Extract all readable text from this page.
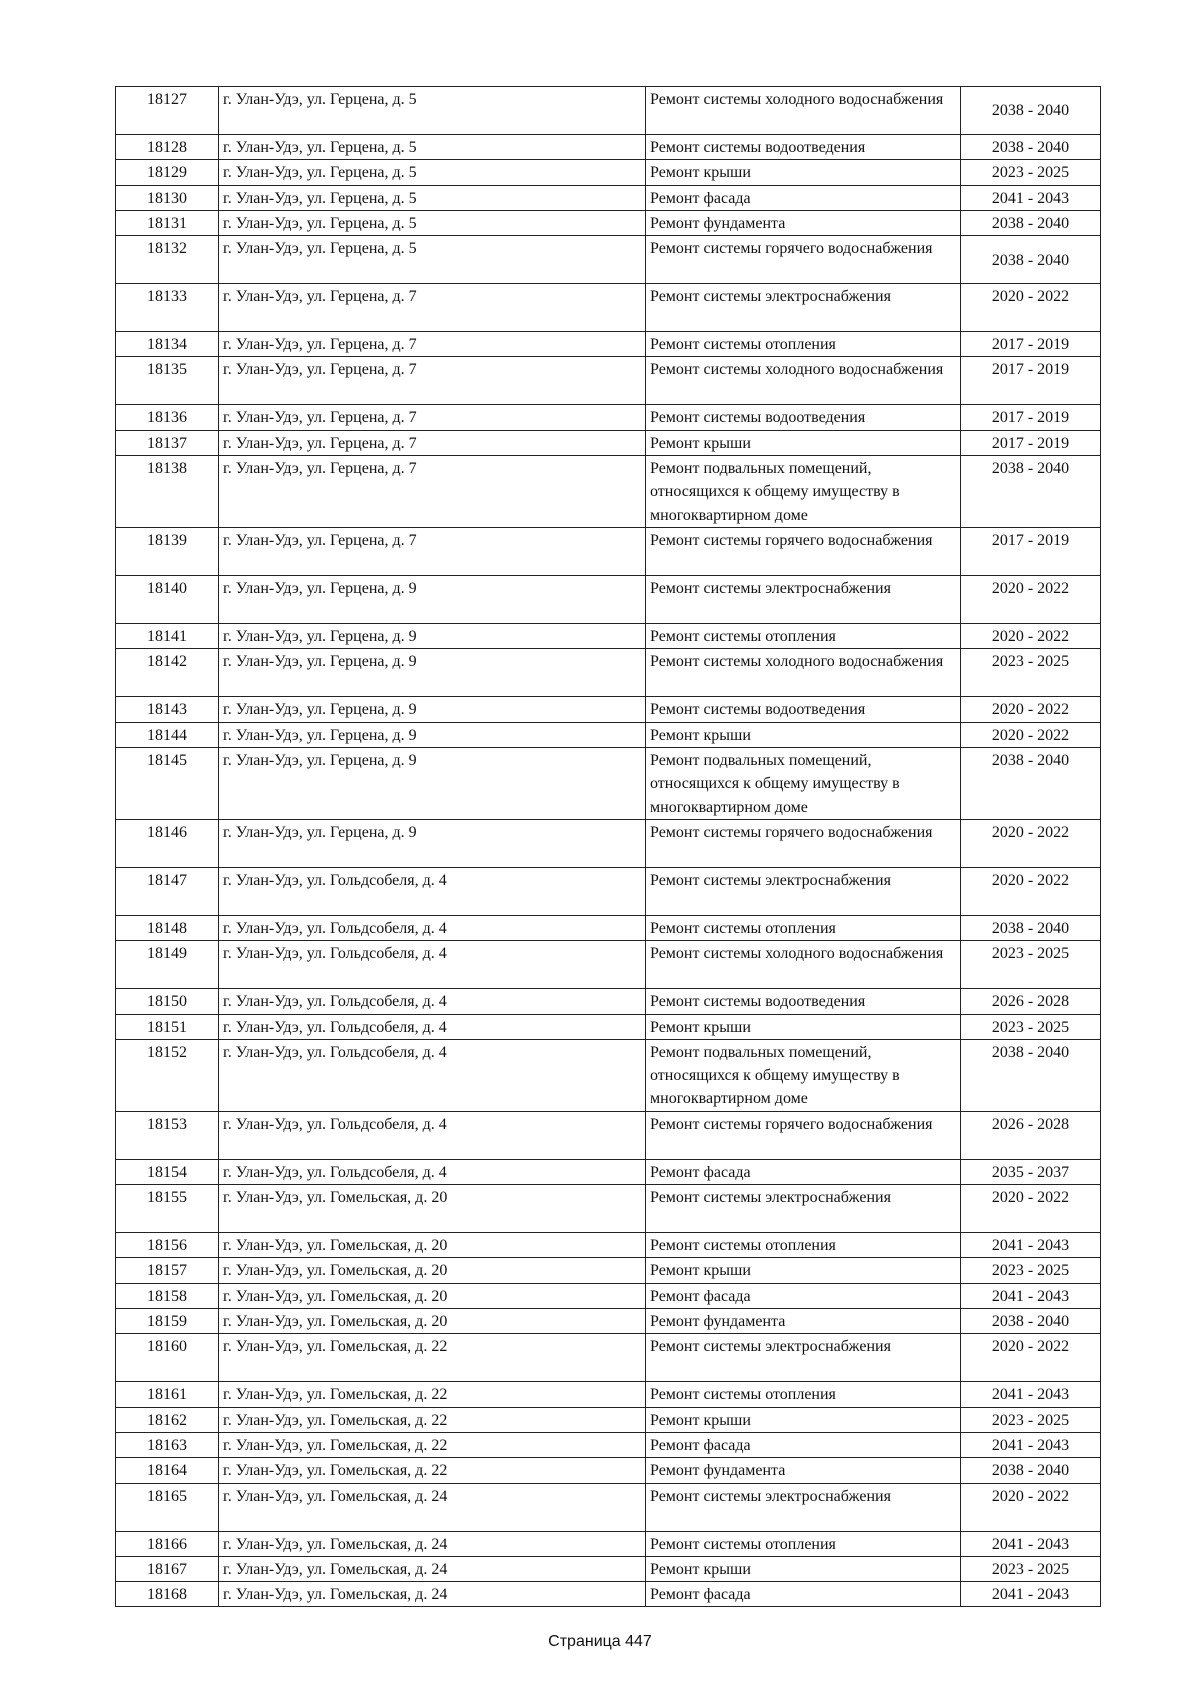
18127	г. Улан-Удэ, ул. Герцена, д. 5	Ремонт системы холодного водоснабжения	2038 - 2040
18128	г. Улан-Удэ, ул. Герцена, д. 5	Ремонт системы водоотведения	2038 - 2040
18129	г. Улан-Удэ, ул. Герцена, д. 5	Ремонт крыши	2023 - 2025
18130	г. Улан-Удэ, ул. Герцена, д. 5	Ремонт фасада	2041 - 2043
18131	г. Улан-Удэ, ул. Герцена, д. 5	Ремонт фундамента	2038 - 2040
18132	г. Улан-Удэ, ул. Герцена, д. 5	Ремонт системы горячего водоснабжения	2038 - 2040
18133	г. Улан-Удэ, ул. Герцена, д. 7	Ремонт системы электроснабжения	2020 - 2022
18134	г. Улан-Удэ, ул. Герцена, д. 7	Ремонт системы отопления	2017 - 2019
18135	г. Улан-Удэ, ул. Герцена, д. 7	Ремонт системы холодного водоснабжения	2017 - 2019
18136	г. Улан-Удэ, ул. Герцена, д. 7	Ремонт системы водоотведения	2017 - 2019
18137	г. Улан-Удэ, ул. Герцена, д. 7	Ремонт крыши	2017 - 2019
18138	г. Улан-Удэ, ул. Герцена, д. 7	Ремонт подвальных помещений, относящихся к общему имуществу в многоквартирном доме	2038 - 2040
18139	г. Улан-Удэ, ул. Герцена, д. 7	Ремонт системы горячего водоснабжения	2017 - 2019
18140	г. Улан-Удэ, ул. Герцена, д. 9	Ремонт системы электроснабжения	2020 - 2022
18141	г. Улан-Удэ, ул. Герцена, д. 9	Ремонт системы отопления	2020 - 2022
18142	г. Улан-Удэ, ул. Герцена, д. 9	Ремонт системы холодного водоснабжения	2023 - 2025
18143	г. Улан-Удэ, ул. Герцена, д. 9	Ремонт системы водоотведения	2020 - 2022
18144	г. Улан-Удэ, ул. Герцена, д. 9	Ремонт крыши	2020 - 2022
18145	г. Улан-Удэ, ул. Герцена, д. 9	Ремонт подвальных помещений, относящихся к общему имуществу в многоквартирном доме	2038 - 2040
18146	г. Улан-Удэ, ул. Герцена, д. 9	Ремонт системы горячего водоснабжения	2020 - 2022
18147	г. Улан-Удэ, ул. Гольдсобеля, д. 4	Ремонт системы электроснабжения	2020 - 2022
18148	г. Улан-Удэ, ул. Гольдсобеля, д. 4	Ремонт системы отопления	2038 - 2040
18149	г. Улан-Удэ, ул. Гольдсобеля, д. 4	Ремонт системы холодного водоснабжения	2023 - 2025
18150	г. Улан-Удэ, ул. Гольдсобеля, д. 4	Ремонт системы водоотведения	2026 - 2028
18151	г. Улан-Удэ, ул. Гольдсобеля, д. 4	Ремонт крыши	2023 - 2025
18152	г. Улан-Удэ, ул. Гольдсобеля, д. 4	Ремонт подвальных помещений, относящихся к общему имуществу в многоквартирном доме	2038 - 2040
18153	г. Улан-Удэ, ул. Гольдсобеля, д. 4	Ремонт системы горячего водоснабжения	2026 - 2028
18154	г. Улан-Удэ, ул. Гольдсобеля, д. 4	Ремонт фасада	2035 - 2037
18155	г. Улан-Удэ, ул. Гомельская, д. 20	Ремонт системы электроснабжения	2020 - 2022
18156	г. Улан-Удэ, ул. Гомельская, д. 20	Ремонт системы отопления	2041 - 2043
18157	г. Улан-Удэ, ул. Гомельская, д. 20	Ремонт крыши	2023 - 2025
18158	г. Улан-Удэ, ул. Гомельская, д. 20	Ремонт фасада	2041 - 2043
18159	г. Улан-Удэ, ул. Гомельская, д. 20	Ремонт фундамента	2038 - 2040
18160	г. Улан-Удэ, ул. Гомельская, д. 22	Ремонт системы электроснабжения	2020 - 2022
18161	г. Улан-Удэ, ул. Гомельская, д. 22	Ремонт системы отопления	2041 - 2043
18162	г. Улан-Удэ, ул. Гомельская, д. 22	Ремонт крыши	2023 - 2025
18163	г. Улан-Удэ, ул. Гомельская, д. 22	Ремонт фасада	2041 - 2043
18164	г. Улан-Удэ, ул. Гомельская, д. 22	Ремонт фундамента	2038 - 2040
18165	г. Улан-Удэ, ул. Гомельская, д. 24	Ремонт системы электроснабжения	2020 - 2022
18166	г. Улан-Удэ, ул. Гомельская, д. 24	Ремонт системы отопления	2041 - 2043
18167	г. Улан-Удэ, ул. Гомельская, д. 24	Ремонт крыши	2023 - 2025
18168	г. Улан-Удэ, ул. Гомельская, д. 24	Ремонт фасада	2041 - 2043
Страница 447
